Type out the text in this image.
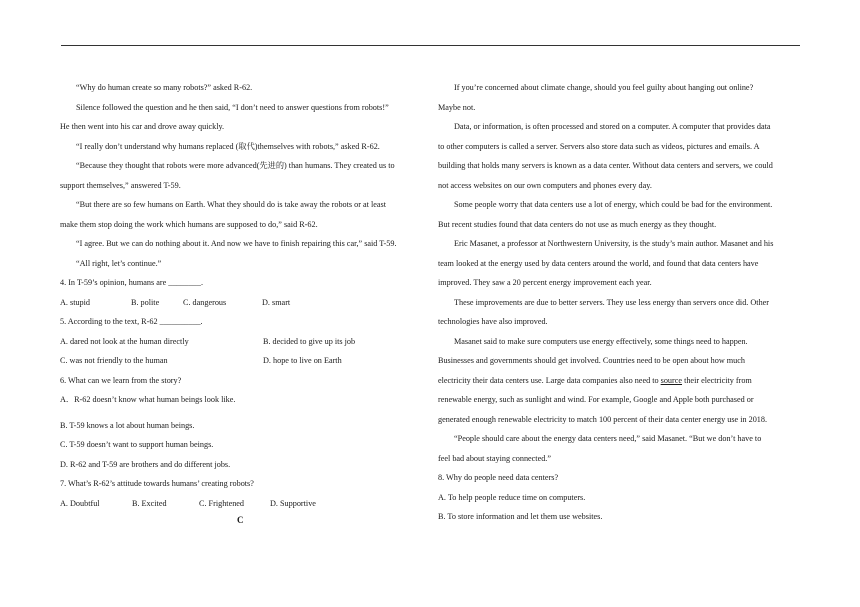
“Why do human create so many robots?” asked R-62.
Silence followed the question and he then said, “I don’t need to answer questions from robots!”
He then went into his car and drove away quickly.
“I really don’t understand why humans replaced (取代)themselves with robots,” asked R-62.
“Because they thought that robots were more advanced(先进的) than humans. They created us to
support themselves,” answered T-59.
“But there are so few humans on Earth. What they should do is take away the robots or at least
make them stop doing the work which humans are supposed to do,” said R-62.
“I agree. But we can do nothing about it. And now we have to finish repairing this car,” said T-59.
“All right, let’s continue.”
4. In T-59’s opinion, humans are ________.
A. stupid	B. polite	C. dangerous	D. smart
5. According to the text, R-62 __________.
A. dared not look at the human directly	B. decided to give up its job
C. was not friendly to the human	D. hope to live on Earth
6. What can we learn from the story?
A．R-62 doesn’t know what human beings look like.
B. T-59 knows a lot about human beings.
C. T-59 doesn’t want to support human beings.
D. R-62 and T-59 are brothers and do different jobs.
7. What’s R-62’s attitude towards humans’ creating robots?
A. Doubtful	B. Excited	C. Frightened	D. Supportive
C
If you’re concerned about climate change, should you feel guilty about hanging out online?
Maybe not.
Data, or information, is often processed and stored on a computer. A computer that provides data
to other computers is called a server. Servers also store data such as videos, pictures and emails. A
building that holds many servers is known as a data center. Without data centers and servers, we could
not access websites on our own computers and phones every day.
Some people worry that data centers use a lot of energy, which could be bad for the environment.
But recent studies found that data centers do not use as much energy as they thought.
Eric Masanet, a professor at Northwestern University, is the study’s main author. Masanet and his
team looked at the energy used by data centers around the world, and found that data centers have
improved. They saw a 20 percent energy improvement each year.
These improvements are due to better servers. They use less energy than servers once did. Other
technologies have also improved.
Masanet said to make sure computers use energy effectively, some things need to happen.
Businesses and governments should get involved. Countries need to be open about how much
electricity their data centers use. Large data companies also need to source their electricity from
renewable energy, such as sunlight and wind. For example, Google and Apple both purchased or
generated enough renewable electricity to match 100 percent of their data center energy use in 2018.
“People should care about the energy data centers need,” said Masanet. “But we don’t have to
feel bad about staying connected.”
8. Why do people need data centers?
A. To help people reduce time on computers.
B. To store information and let them use websites.
